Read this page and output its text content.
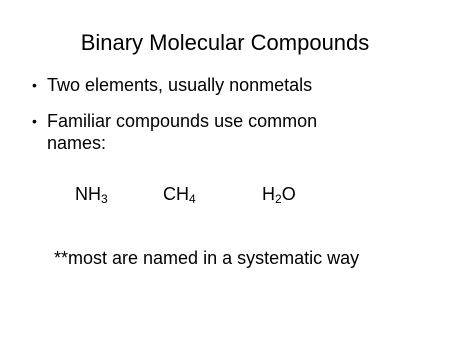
Binary Molecular Compounds
• Two elements, usually nonmetals
• Familiar compounds use common names:
$NH_3$	$CH_4$	$H_2O$
**most are named in a systematic way
